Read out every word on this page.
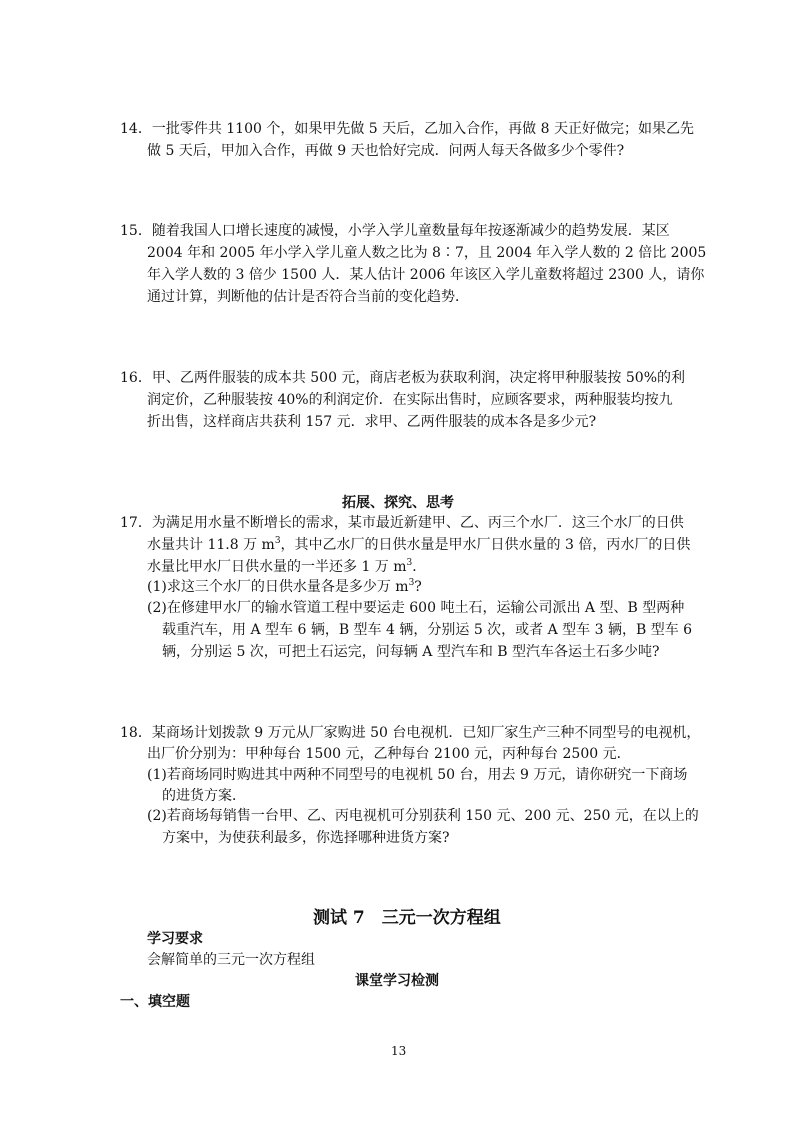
14．一批零件共 1100 个，如果甲先做 5 天后，乙加入合作，再做 8 天正好做完；如果乙先
做 5 天后，甲加入合作，再做 9 天也恰好完成．问两人每天各做多少个零件?
15．随着我国人口增长速度的减慢，小学入学儿童数量每年按逐渐减少的趋势发展．某区
2004 年和 2005 年小学入学儿童人数之比为 8∶7，且 2004 年入学人数的 2 倍比 2005
年入学人数的 3 倍少 1500 人．某人估计 2006 年该区入学儿童数将超过 2300 人，请你
通过计算，判断他的估计是否符合当前的变化趋势．
16．甲、乙两件服装的成本共 500 元，商店老板为获取利润，决定将甲种服装按 50%的利
润定价，乙种服装按 40%的利润定价．在实际出售时，应顾客要求，两种服装均按九
折出售，这样商店共获利 157 元．求甲、乙两件服装的成本各是多少元?
拓展、探究、思考
17．为满足用水量不断增长的需求，某市最近新建甲、乙、丙三个水厂．这三个水厂的日供
水量共计 11.8 万 $m^3$，其中乙水厂的日供水量是甲水厂日供水量的 3 倍，丙水厂的日供
水量比甲水厂日供水量的一半还多 1 万 $m^3$．
(1)求这三个水厂的日供水量各是多少万 $m^3$?
(2)在修建甲水厂的输水管道工程中要运走 600 吨土石，运输公司派出 A 型、B 型两种
载重汽车，用 A 型车 6 辆，B 型车 4 辆，分别运 5 次，或者 A 型车 3 辆，B 型车 6
辆，分别运 5 次，可把土石运完，问每辆 A 型汽车和 B 型汽车各运土石多少吨?
18．某商场计划拨款 9 万元从厂家购进 50 台电视机．已知厂家生产三种不同型号的电视机，
出厂价分别为：甲种每台 1500 元，乙种每台 2100 元，丙种每台 2500 元．
(1)若商场同时购进其中两种不同型号的电视机 50 台，用去 9 万元，请你研究一下商场
的进货方案．
(2)若商场每销售一台甲、乙、丙电视机可分别获利 150 元、200 元、250 元，在以上的
方案中，为使获利最多，你选择哪种进货方案?
测试 7　三元一次方程组
学习要求
会解简单的三元一次方程组
课堂学习检测
一、填空题
13
